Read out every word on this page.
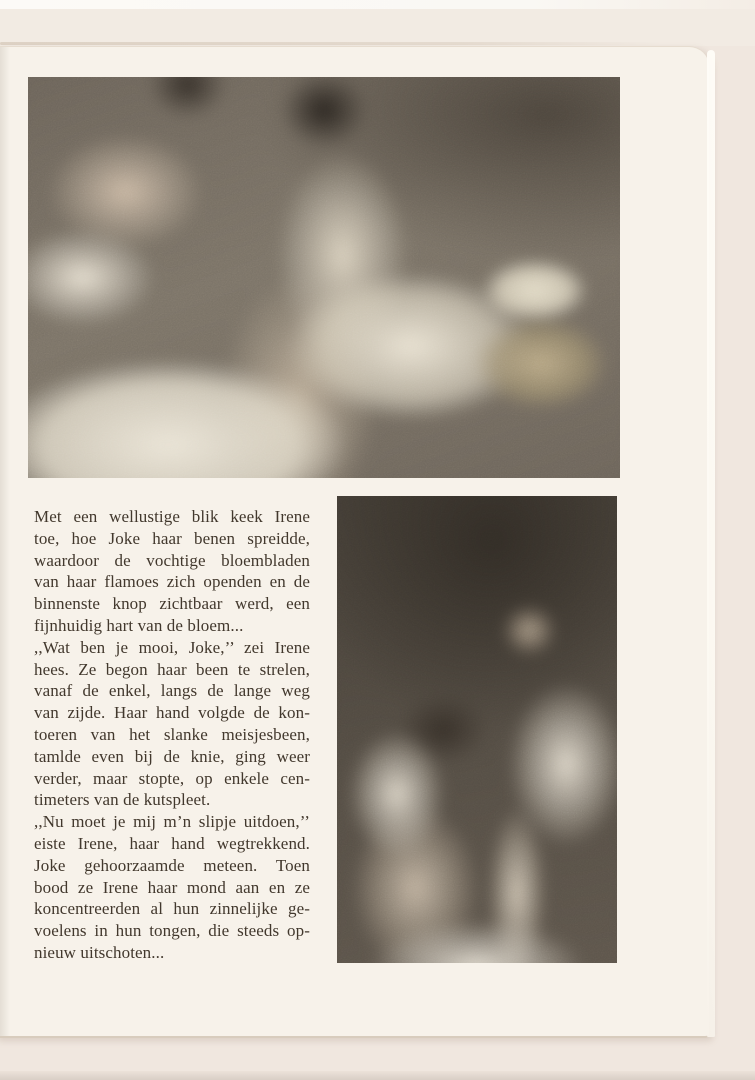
Met een wellustige blik keek Irene
toe, hoe Joke haar benen spreidde,
waardoor de vochtige bloembladen
van haar flamoes zich openden en de
binnenste knop zichtbaar werd, een
fijnhuidig hart van de bloem...
,,Wat ben je mooi, Joke,’’ zei Irene
hees. Ze begon haar been te strelen,
vanaf de enkel, langs de lange weg
van zijde. Haar hand volgde de kon-
toeren van het slanke meisjesbeen,
tamlde even bij de knie, ging weer
verder, maar stopte, op enkele cen-
timeters van de kutspleet.
,,Nu moet je mij m’n slipje uitdoen,’’
eiste Irene, haar hand wegtrekkend.
Joke gehoorzaamde meteen. Toen
bood ze Irene haar mond aan en ze
koncentreerden al hun zinnelijke ge-
voelens in hun tongen, die steeds op-
nieuw uitschoten...
